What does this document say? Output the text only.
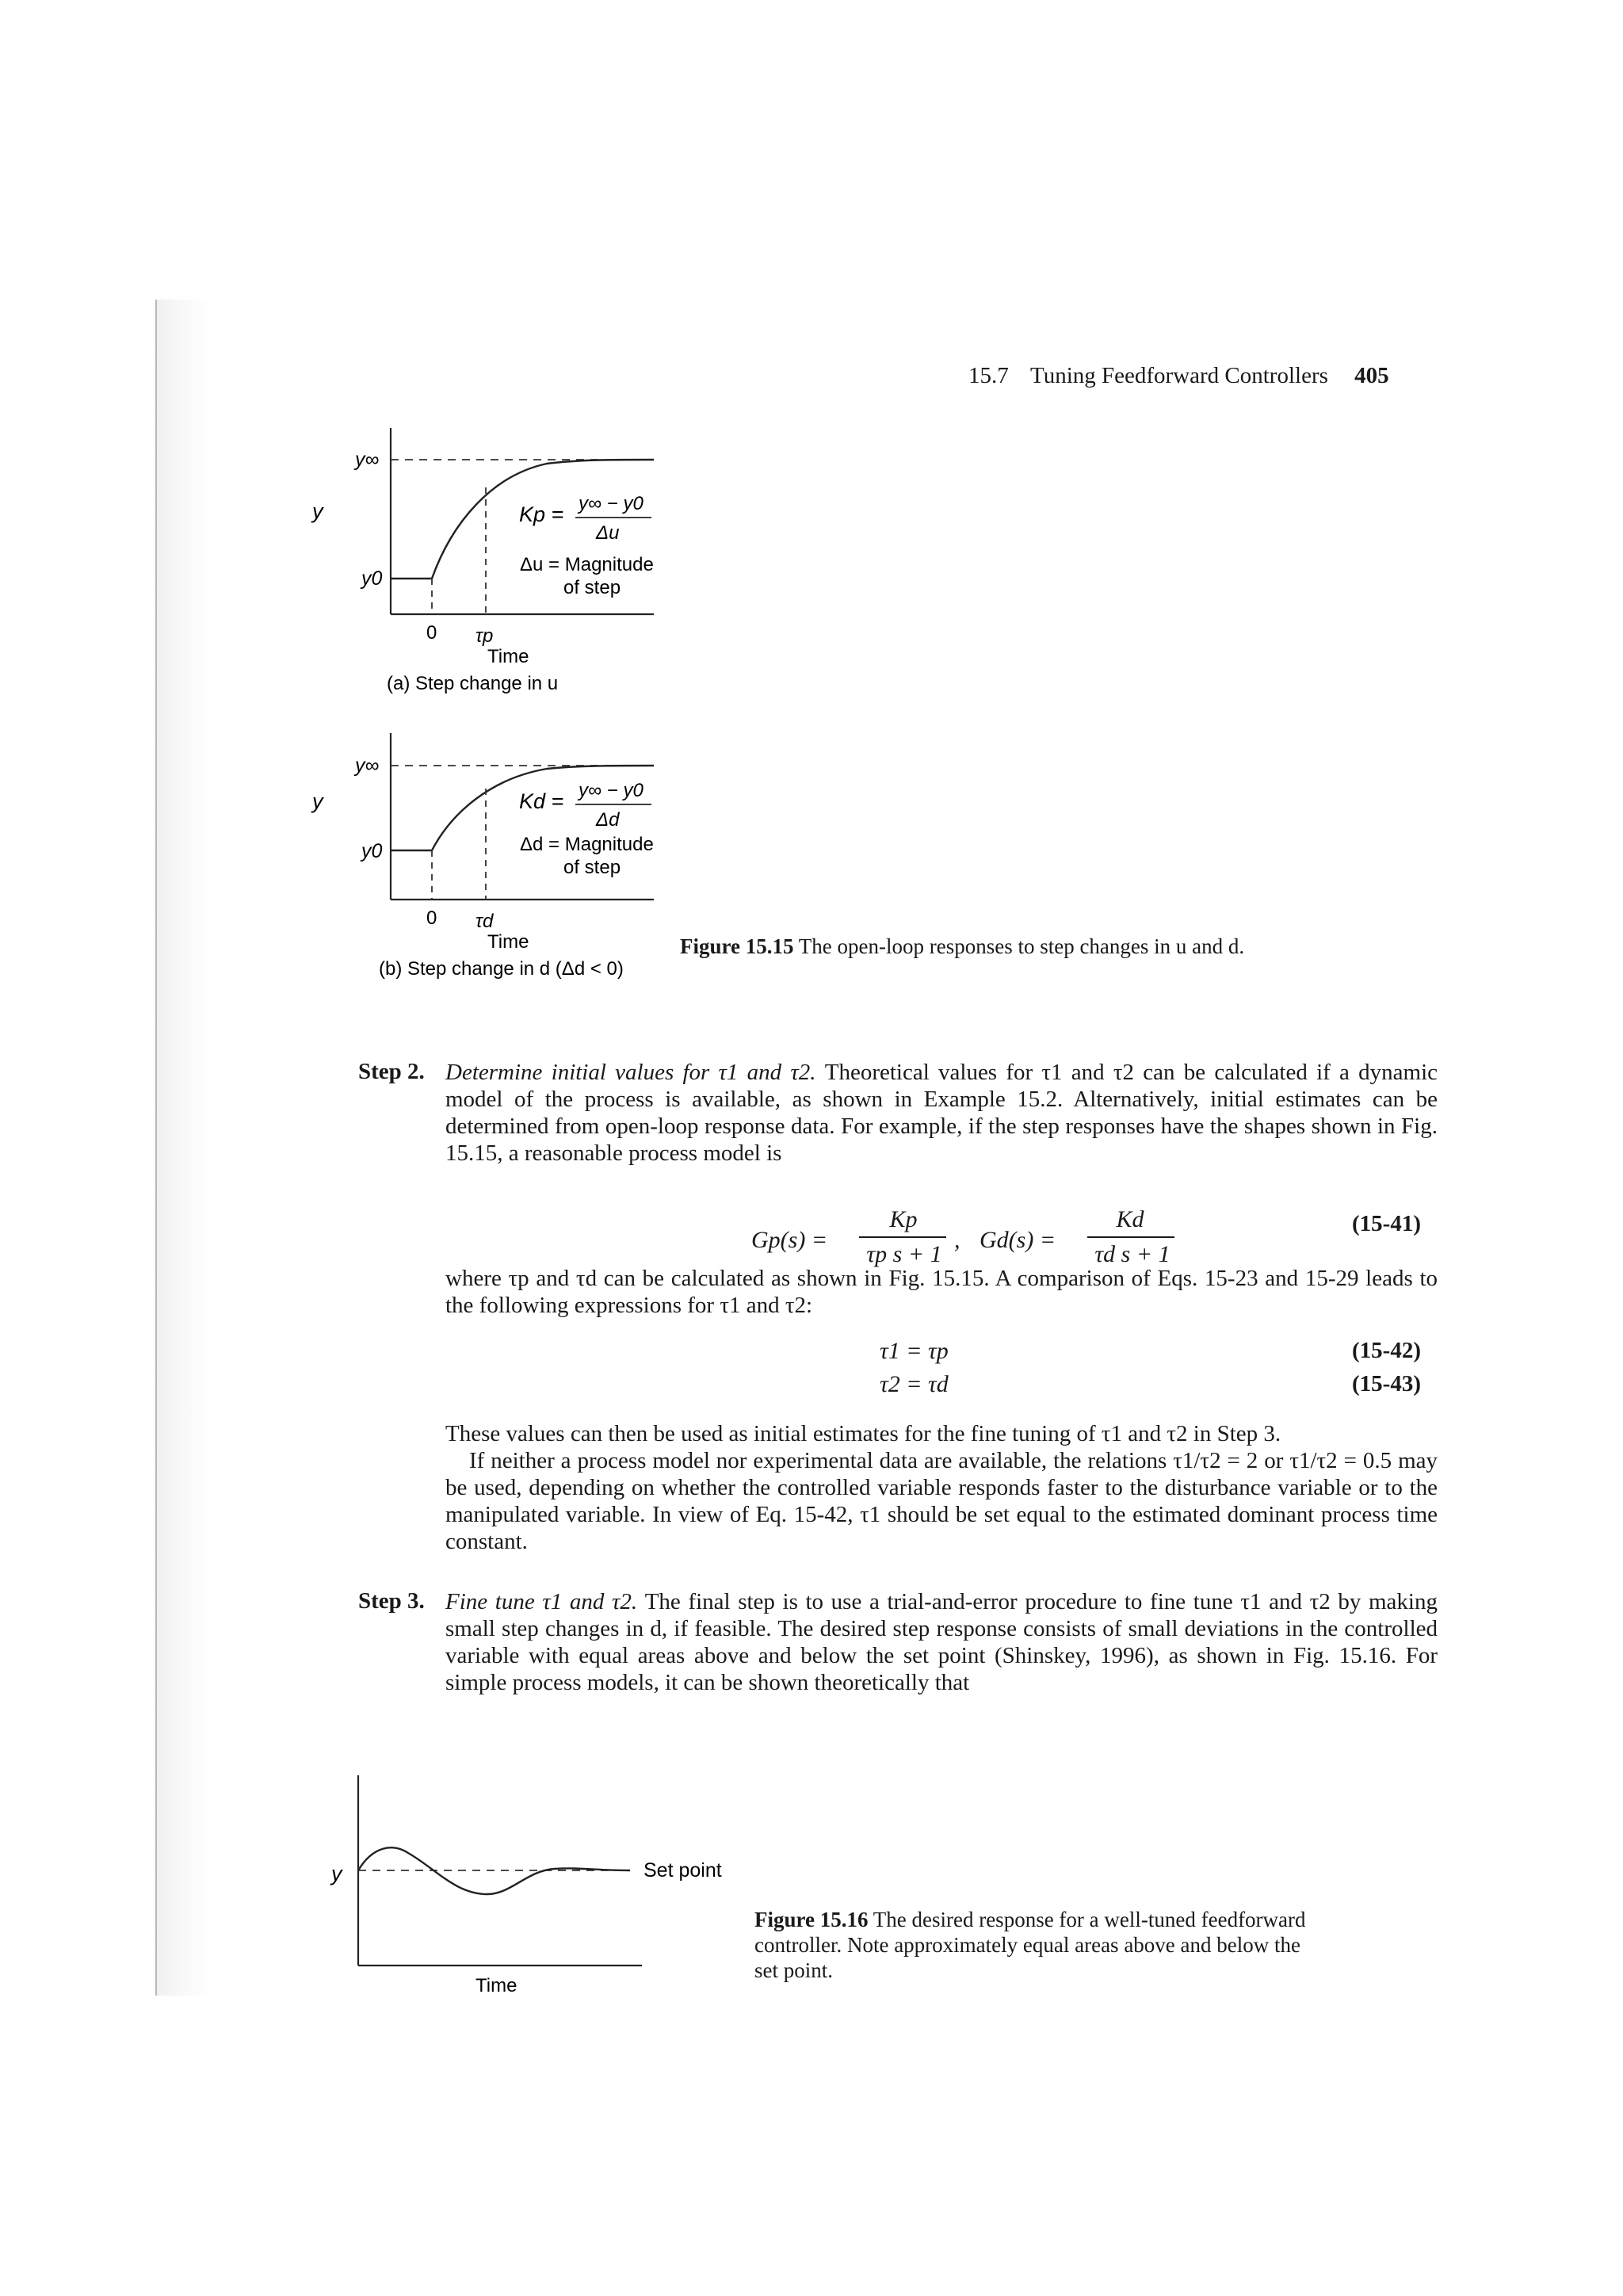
15.7 Tuning Feedforward Controllers 405
y
y∞
y0
Kp = y∞ − y0
Δu
Δu = Magnitude
of step
0 τp
Time
(a) Step change in u
y
y∞
y0
Kd = y∞ − y0
Δd
Δd = Magnitude
of step
0 τd
Time
(b) Step change in d (Δd < 0)
Figure 15.15 The open-loop responses to step changes in u and d.
Step 2. Determine initial values for τ1 and τ2. Theoretical values for τ1 and τ2 can be calculated if a dynamic model of the process is available, as shown in Example 15.2. Alternatively, initial estimates can be determined from open-loop response data. For example, if the step responses have the shapes shown in Fig. 15.15, a reasonable process model is
Gp(s) =
Kp
τp s + 1
, Gd(s) =
Kd
τd s + 1
(15-41)
where τp and τd can be calculated as shown in Fig. 15.15. A comparison of Eqs. 15-23 and 15-29 leads to the following expressions for τ1 and τ2:
τ1 = τp	(15-42)
τ2 = τd	(15-43)
These values can then be used as initial estimates for the fine tuning of τ1 and τ2 in Step 3.
If neither a process model nor experimental data are available, the relations τ1/τ2 = 2 or τ1/τ2 = 0.5 may be used, depending on whether the controlled variable responds faster to the disturbance variable or to the manipulated variable. In view of Eq. 15-42, τ1 should be set equal to the estimated dominant process time constant.
Step 3. Fine tune τ1 and τ2. The final step is to use a trial-and-error procedure to fine tune τ1 and τ2 by making small step changes in d, if feasible. The desired step response consists of small deviations in the controlled variable with equal areas above and below the set point (Shinskey, 1996), as shown in Fig. 15.16. For simple process models, it can be shown theoretically that
y	Set point
Time
Figure 15.16 The desired response for a well-tuned feedforward controller. Note approximately equal areas above and below the set point.
